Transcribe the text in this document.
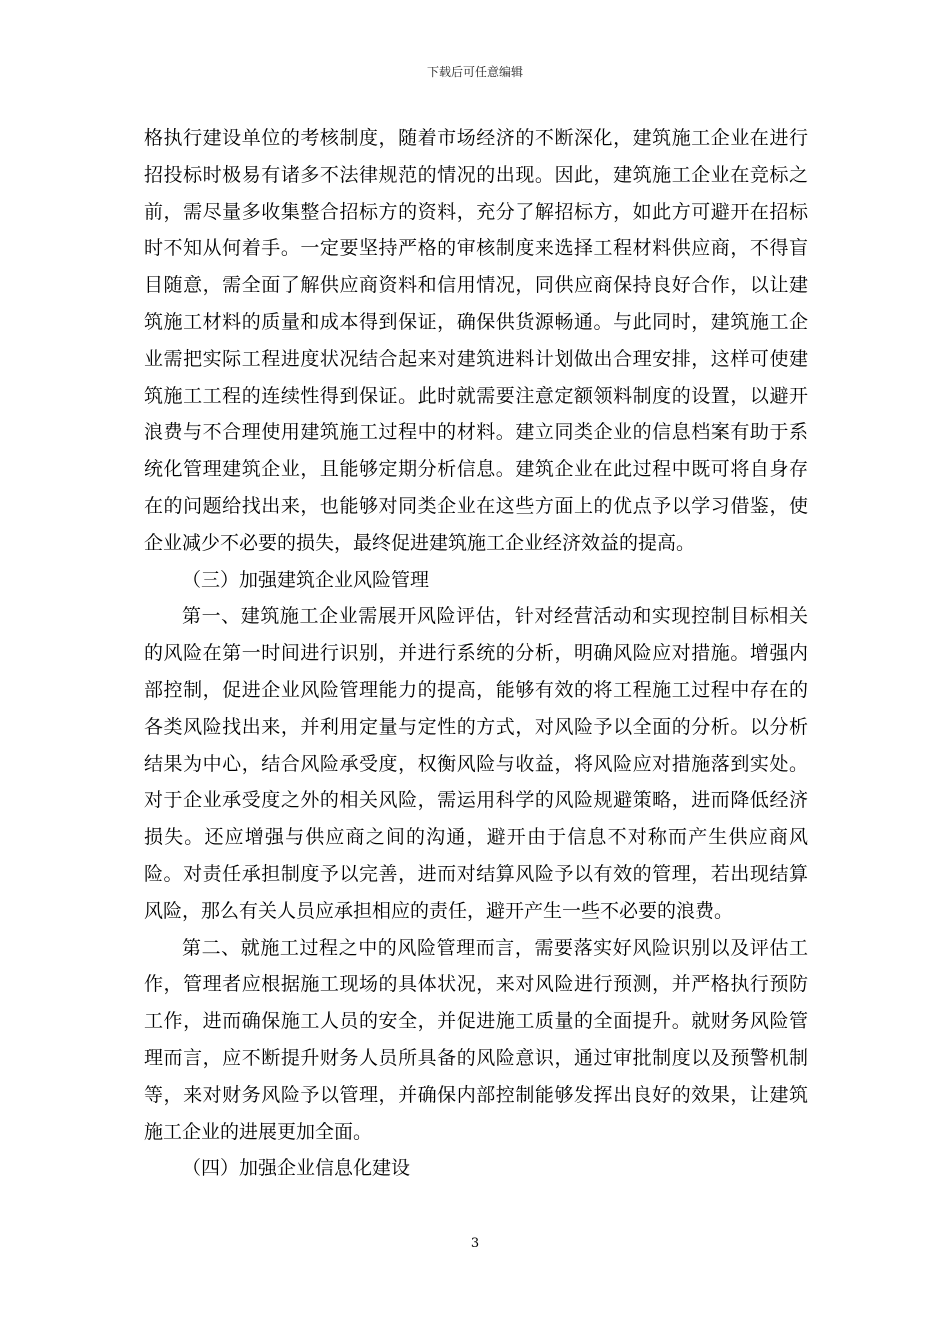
下载后可任意编辑

格执行建设单位的考核制度，随着市场经济的不断深化，建筑施工企业在进行招投标时极易有诸多不法律规范的情况的出现。因此，建筑施工企业在竞标之前，需尽量多收集整合招标方的资料，充分了解招标方，如此方可避开在招标时不知从何着手。一定要坚持严格的审核制度来选择工程材料供应商，不得盲目随意，需全面了解供应商资料和信用情况，同供应商保持良好合作，以让建筑施工材料的质量和成本得到保证，确保供货源畅通。与此同时，建筑施工企业需把实际工程进度状况结合起来对建筑进料计划做出合理安排，这样可使建筑施工工程的连续性得到保证。此时就需要注意定额领料制度的设置，以避开浪费与不合理使用建筑施工过程中的材料。建立同类企业的信息档案有助于系统化管理建筑企业，且能够定期分析信息。建筑企业在此过程中既可将自身存在的问题给找出来，也能够对同类企业在这些方面上的优点予以学习借鉴，使企业减少不必要的损失，最终促进建筑施工企业经济效益的提高。

（三）加强建筑企业风险管理

第一、建筑施工企业需展开风险评估，针对经营活动和实现控制目标相关的风险在第一时间进行识别，并进行系统的分析，明确风险应对措施。增强内部控制，促进企业风险管理能力的提高，能够有效的将工程施工过程中存在的各类风险找出来，并利用定量与定性的方式，对风险予以全面的分析。以分析结果为中心，结合风险承受度，权衡风险与收益，将风险应对措施落到实处。对于企业承受度之外的相关风险，需运用科学的风险规避策略，进而降低经济损失。还应增强与供应商之间的沟通，避开由于信息不对称而产生供应商风险。对责任承担制度予以完善，进而对结算风险予以有效的管理，若出现结算风险，那么有关人员应承担相应的责任，避开产生一些不必要的浪费。

第二、就施工过程之中的风险管理而言，需要落实好风险识别以及评估工作，管理者应根据施工现场的具体状况，来对风险进行预测，并严格执行预防工作，进而确保施工人员的安全，并促进施工质量的全面提升。就财务风险管理而言，应不断提升财务人员所具备的风险意识，通过审批制度以及预警机制等，来对财务风险予以管理，并确保内部控制能够发挥出良好的效果，让建筑施工企业的进展更加全面。

（四）加强企业信息化建设

3
